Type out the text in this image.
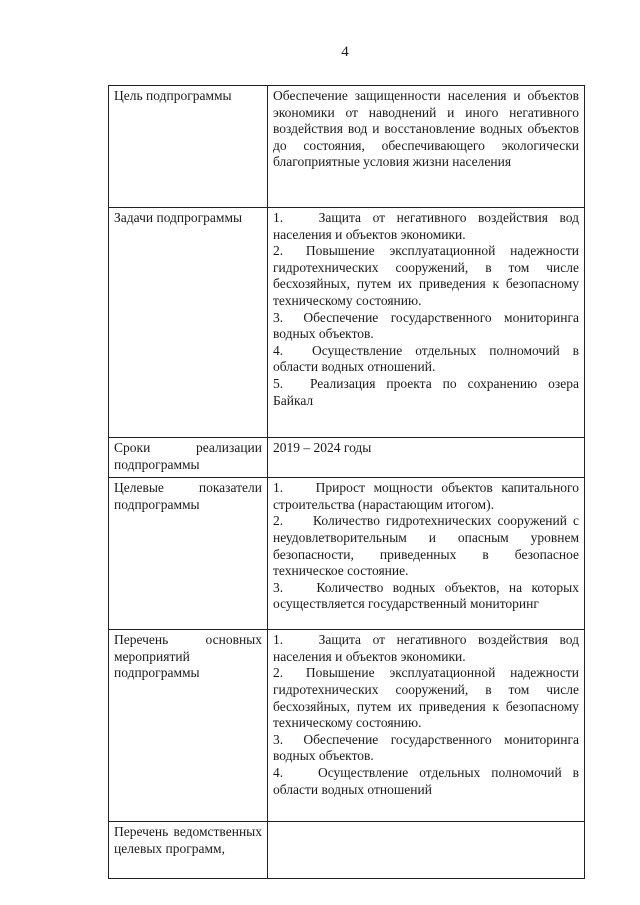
4
Цель подпрограммы	Обеспечение защищенности населения и объектов экономики от наводнений и иного негативного воздействия вод и восстановление водных объектов до состояния, обеспечивающего экологически благоприятные условия жизни населения
Задачи подпрограммы	1. Защита от негативного воздействия вод населения и объектов экономики.
2. Повышение эксплуатационной надежности гидротехнических сооружений, в том числе бесхозяйных, путем их приведения к безопасному техническому состоянию.
3. Обеспечение государственного мониторинга водных объектов.
4. Осуществление отдельных полномочий в области водных отношений.
5. Реализация проекта по сохранению озера Байкал

Сроки реализации подпрограммы	2019 – 2024 годы
Целевые показатели подпрограммы	1. Прирост мощности объектов капитального строительства (нарастающим итогом).
2. Количество гидротехнических сооружений с неудовлетворительным и опасным уровнем безопасности, приведенных в безопасное техническое состояние.
3. Количество водных объектов, на которых осуществляется государственный мониторинг

Перечень основных мероприятий подпрограммы	1. Защита от негативного воздействия вод населения и объектов экономики.
2. Повышение эксплуатационной надежности гидротехнических сооружений, в том числе бесхозяйных, путем их приведения к безопасному техническому состоянию.
3. Обеспечение государственного мониторинга водных объектов.
4. Осуществление отдельных полномочий в области водных отношений

Перечень ведомственных целевых программ,	
